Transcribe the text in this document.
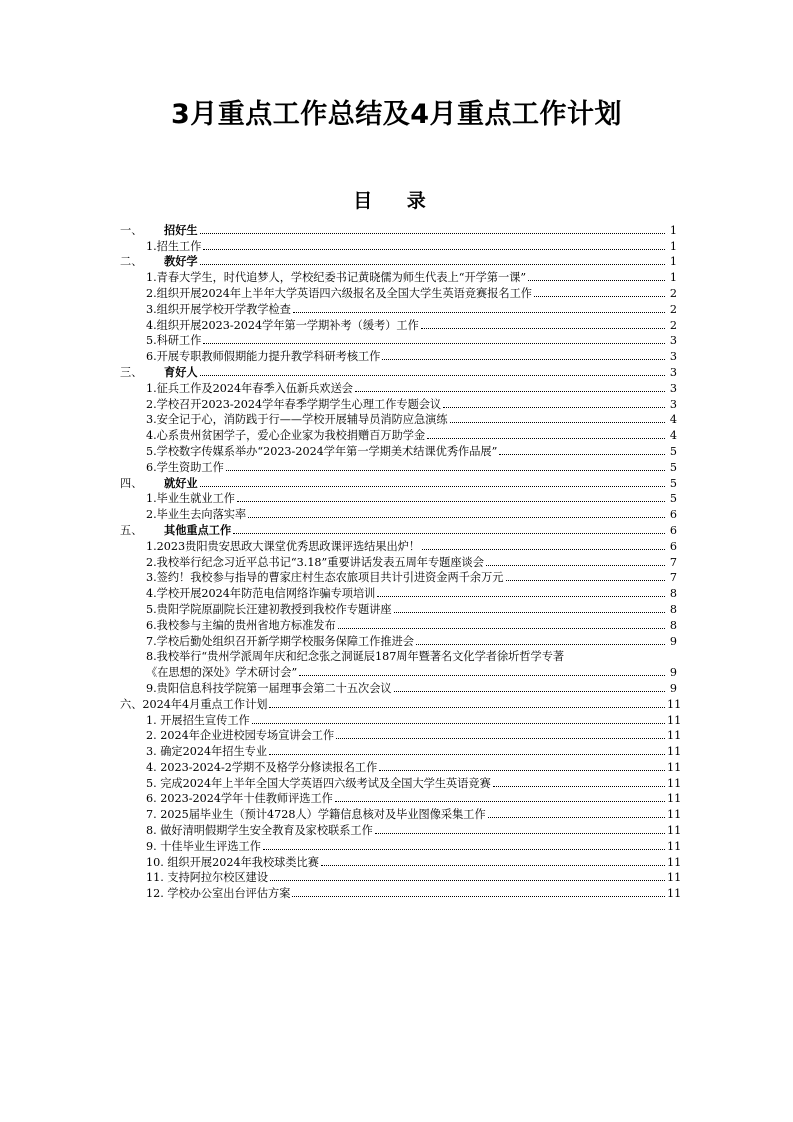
3月重点工作总结及4月重点工作计划
目 录
一、	招好生	1
1.招生工作	1
二、	教好学	1
1.青春大学生，时代追梦人，学校纪委书记黄晓儒为师生代表上“开学第一课”	1
2.组织开展2024年上半年大学英语四六级报名及全国大学生英语竞赛报名工作	2
3.组织开展学校开学教学检查	2
4.组织开展2023-2024学年第一学期补考（缓考）工作	2
5.科研工作	3
6.开展专职教师假期能力提升教学科研考核工作	3
三、	育好人	3
1.征兵工作及2024年春季入伍新兵欢送会	3
2.学校召开2023-2024学年春季学期学生心理工作专题会议	3
3.安全记于心，消防践于行——学校开展辅导员消防应急演练	4
4.心系贵州贫困学子，爱心企业家为我校捐赠百万助学金	4
5.学校数字传媒系举办“2023-2024学年第一学期美术结课优秀作品展”	5
6.学生资助工作	5
四、	就好业	5
1.毕业生就业工作	5
2.毕业生去向落实率	6
五、	其他重点工作	6
1.2023贵阳贵安思政大课堂优秀思政课评选结果出炉！	6
2.我校举行纪念习近平总书记“3.18”重要讲话发表五周年专题座谈会	7
3.签约！我校参与指导的曹家庄村生态农旅项目共计引进资金两千余万元	7
4.学校开展2024年防范电信网络诈骗专项培训	8
5.贵阳学院原副院长汪建初教授到我校作专题讲座	8
6.我校参与主编的贵州省地方标准发布	8
7.学校后勤处组织召开新学期学校服务保障工作推进会	9
8.我校举行“贵州学派周年庆和纪念张之洞诞辰187周年暨著名文化学者徐圻哲学专著
《在思想的深处》学术研讨会”	9
9.贵阳信息科技学院第一届理事会第二十五次会议	9
六、 2024年4月重点工作计划	11
1. 开展招生宣传工作	11
2. 2024年企业进校园专场宣讲会工作	11
3. 确定2024年招生专业	11
4. 2023-2024-2学期不及格学分修读报名工作	11
5. 完成2024年上半年全国大学英语四六级考试及全国大学生英语竞赛	11
6. 2023-2024学年十佳教师评选工作	11
7. 2025届毕业生（预计4728人）学籍信息核对及毕业图像采集工作	11
8. 做好清明假期学生安全教育及家校联系工作	11
9. 十佳毕业生评选工作	11
10. 组织开展2024年我校球类比赛	11
11. 支持阿拉尔校区建设	11
12. 学校办公室出台评估方案	11
